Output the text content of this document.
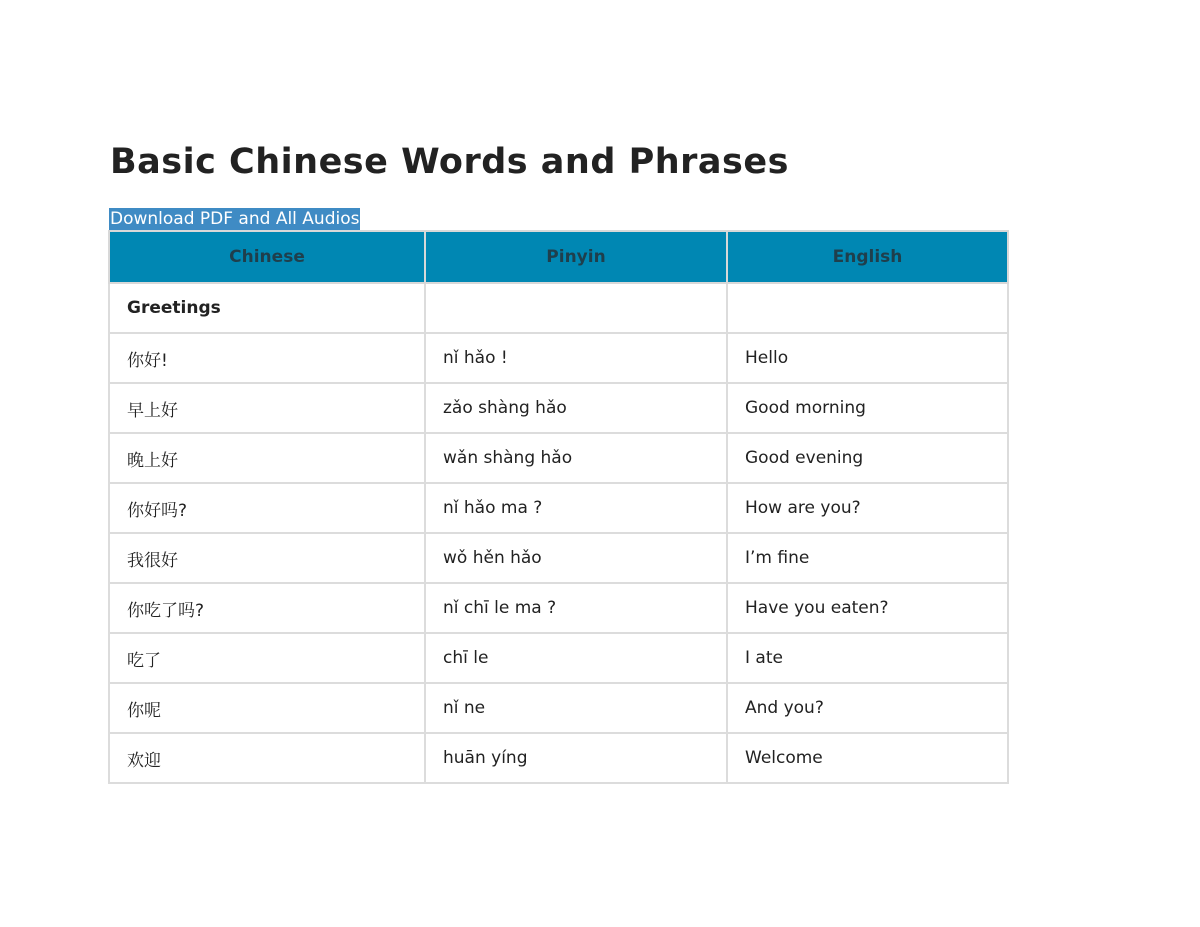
Basic Chinese Words and Phrases
Download PDF and All Audios
Chinese	Pinyin	English
Greetings		
你好!	nǐ hǎo !	Hello
早上好	zǎo shàng hǎo	Good morning
晚上好	wǎn shàng hǎo	Good evening
你好吗?	nǐ hǎo ma ?	How are you?
我很好	wǒ hěn hǎo	I’m fine
你吃了吗?	nǐ chī le ma ?	Have you eaten?
吃了	chī le	I ate
你呢	nǐ ne	And you?
欢迎	huān yíng	Welcome
